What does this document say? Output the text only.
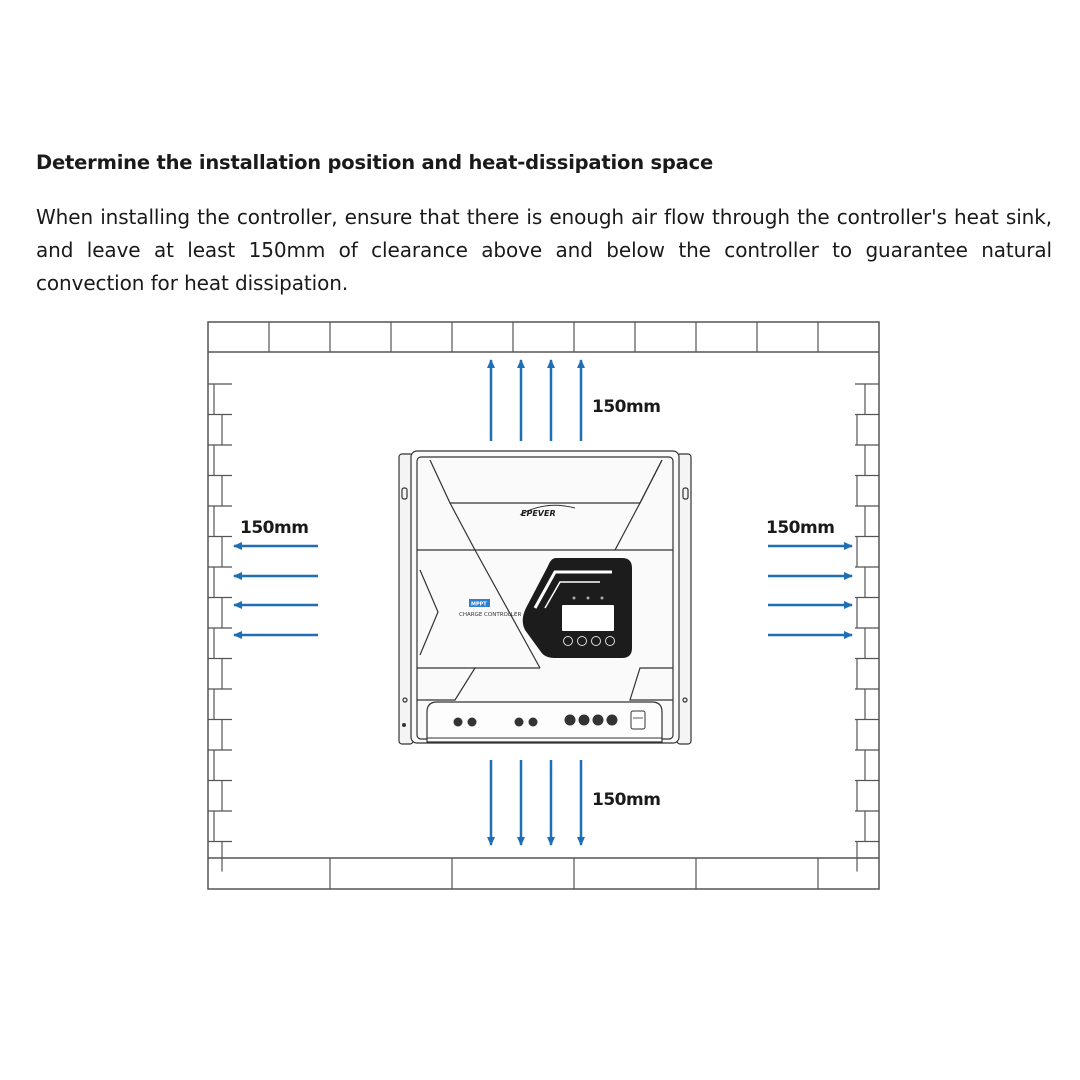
Determine the installation position and heat-dissipation space

When installing the controller, ensure that there is enough air flow through the controller's heat sink, and leave at least 150mm of clearance above and below the controller to guarantee natural convection for heat dissipation.

150mm
150mm
150mm	150mm
EPEVER
MPPT
CHARGE CONTROLLER
